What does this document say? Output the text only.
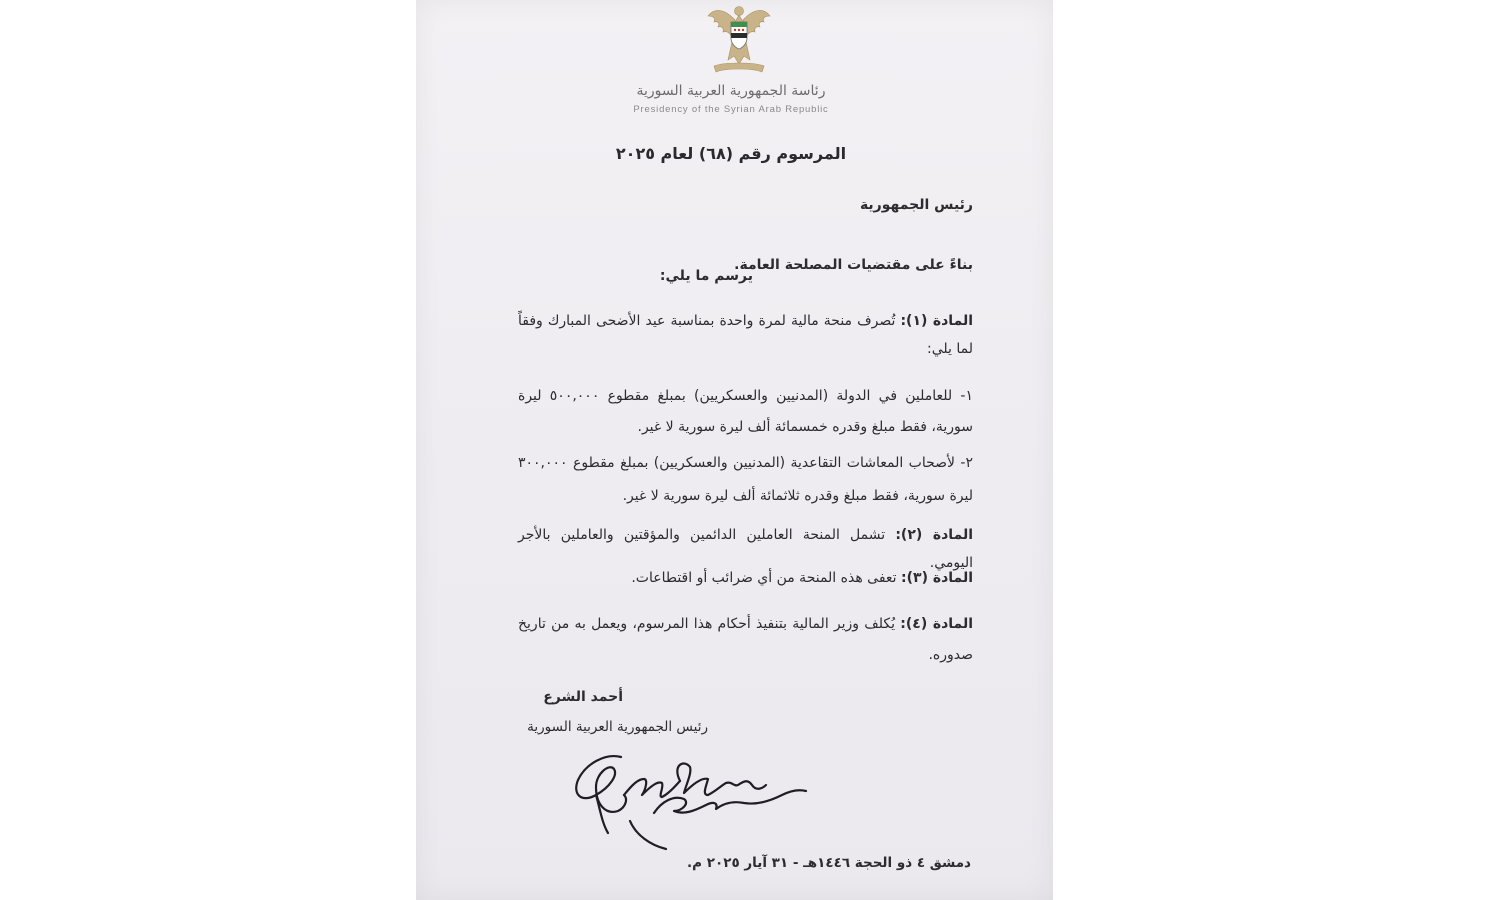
رئاسة الجمهورية العربية السورية
Presidency of the Syrian Arab Republic
المرسوم رقم (٦٨) لعام ٢٠٢٥
رئيس الجمهورية
بناءً على مقتضيات المصلحة العامة.
يرسم ما يلي:
المادة (١): تُصرف منحة مالية لمرة واحدة بمناسبة عيد الأضحى المبارك وفقاً لما يلي:
١- للعاملين في الدولة (المدنيين والعسكريين) بمبلغ مقطوع ٥٠٠,٠٠٠ ليرة سورية، فقط مبلغ وقدره خمسمائة ألف ليرة سورية لا غير.
٢- لأصحاب المعاشات التقاعدية (المدنيين والعسكريين) بمبلغ مقطوع ٣٠٠,٠٠٠ ليرة سورية، فقط مبلغ وقدره ثلاثمائة ألف ليرة سورية لا غير.
المادة (٢): تشمل المنحة العاملين الدائمين والمؤقتين والعاملين بالأجر اليومي.
المادة (٣): تعفى هذه المنحة من أي ضرائب أو اقتطاعات.
المادة (٤): يُكلف وزير المالية بتنفيذ أحكام هذا المرسوم، ويعمل به من تاريخ صدوره.
أحمد الشرع
رئيس الجمهورية العربية السورية
دمشق ٤ ذو الحجة ١٤٤٦هـ - ٣١ آيار ٢٠٢٥ م.
